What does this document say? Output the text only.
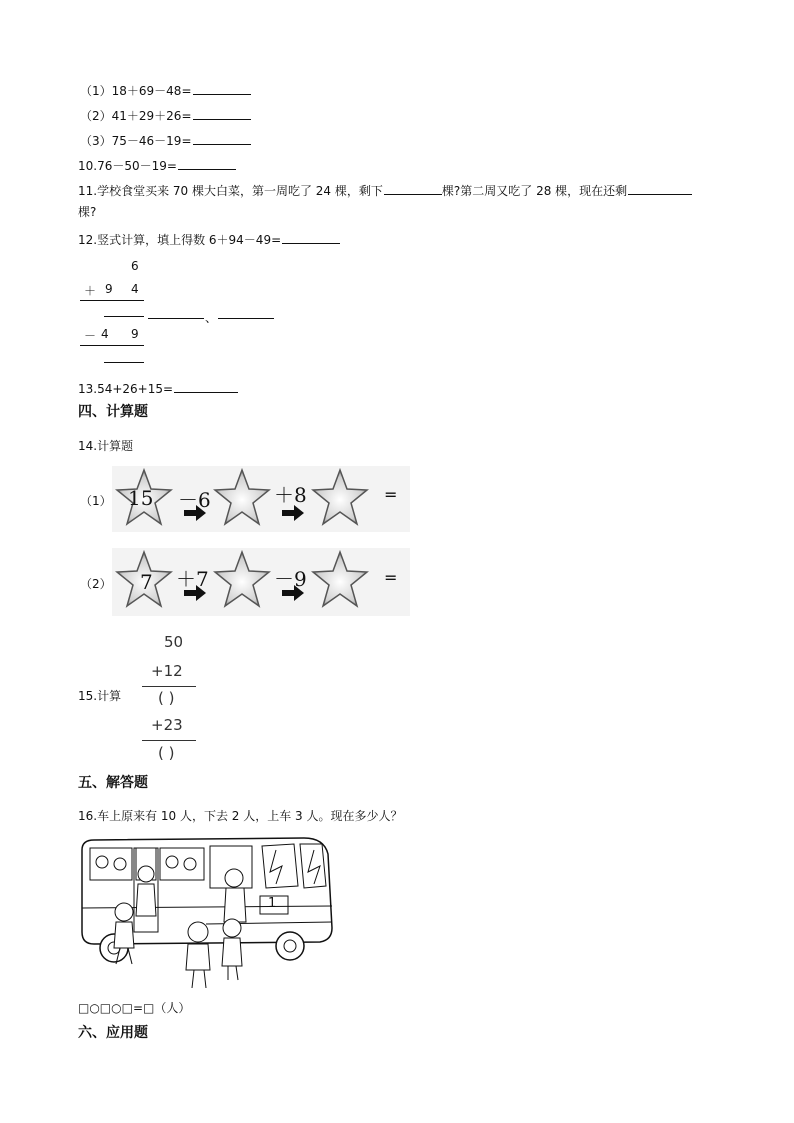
（1）18＋69－48=
（2）41＋29＋26=
（3）75－46－19=
10.76－50－19=
11.学校食堂买来 70 棵大白菜，第一周吃了 24 棵，剩下	棵?第二周又吃了 28 棵，现在还剩
棵?
12.竖式计算，填上得数 6＋94－49=
6
＋ 9 4
、
－ 4 9
13.54+26+15=
四、计算题
14.计算题
（1） 15 －6	＋8	=
（2） 7 ＋7	－9	=
15.计算
50
+12
( )
+23
( )
五、解答题
16.车上原来有 10 人，下去 2 人，上车 3 人。现在多少人？
1
□○□○□=□（人）
六、应用题
